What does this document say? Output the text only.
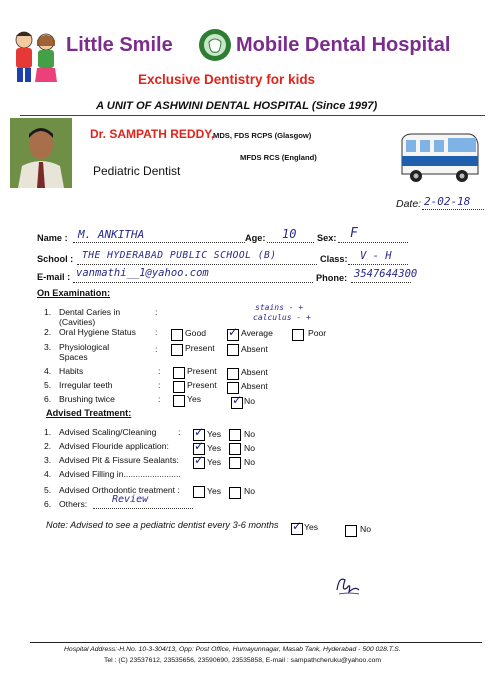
Little Smile
SMILE FRIENDLY
Mobile Dental Hospital
Exclusive Dentistry for kids
A UNIT OF ASHWINI DENTAL HOSPITAL (Since 1997)
Dr. SAMPATH REDDY,
MDS, FDS RCPS (Glasgow)
MFDS RCS (England)
Pediatric Dentist
Date: 2-02-18
Name : M. ANKITHA	Age: 10 Sex: F
School : THE HYDERABAD PUBLIC SCHOOL (B)	Class: V - H
E-mail : vanmathi__1@yahoo.com	Phone: 3547644300
On Examination:
1. Dental Caries in
(Cavities)
:	stains - +
calculus - +
2. Oral Hygiene Status :	Good ✓	Average	Poor
3. Physiological
Spaces
:	Present	Absent
4. Habits	:	Present	Absent
5. Irregular teeth	:	Present	Absent
6. Brushing twice	:	Yes ✓	No
Advised Treatment:
1. Advised Scaling/Cleaning	: ✓	Yes	No
2. Advised Flouride application: ✓	Yes	No
3. Advised Pit & Fissure Sealants: ✓	Yes	No
4. Advised Filling in........................
5. Advised Orthodontic treatment :	Yes	No
6. Others: Review
Note: Advised to see a pediatric dentist every 3-6 months ✓	Yes	No
Hospital Address:-H.No. 10-3-304/13, Opp: Post Office, Humayunnagar, Masab Tank, Hyderabad - 500 028.T.S.
Tel : (C) 23537612, 23535656, 23590690, 23535858, E-mail : sampathcheruku@yahoo.com
